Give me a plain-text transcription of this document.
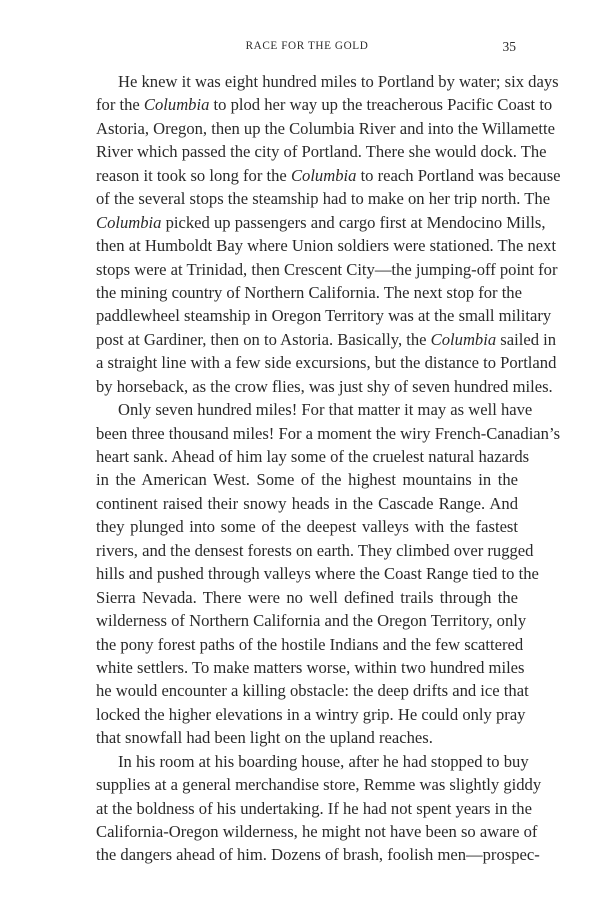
RACE FOR THE GOLD	35
He knew it was eight hundred miles to Portland by water; six days
for the Columbia to plod her way up the treacherous Pacific Coast to
Astoria, Oregon, then up the Columbia River and into the Willamette
River which passed the city of Portland. There she would dock. The
reason it took so long for the Columbia to reach Portland was because
of the several stops the steamship had to make on her trip north. The
Columbia picked up passengers and cargo first at Mendocino Mills,
then at Humboldt Bay where Union soldiers were stationed. The next
stops were at Trinidad, then Crescent City—the jumping-off point for
the mining country of Northern California. The next stop for the
paddlewheel steamship in Oregon Territory was at the small military
post at Gardiner, then on to Astoria. Basically, the Columbia sailed in
a straight line with a few side excursions, but the distance to Portland
by horseback, as the crow flies, was just shy of seven hundred miles.
Only seven hundred miles! For that matter it may as well have
been three thousand miles! For a moment the wiry French-Canadian’s
heart sank. Ahead of him lay some of the cruelest natural hazards
in the American West. Some of the highest mountains in the
continent raised their snowy heads in the Cascade Range. And
they plunged into some of the deepest valleys with the fastest
rivers, and the densest forests on earth. They climbed over rugged
hills and pushed through valleys where the Coast Range tied to the
Sierra Nevada. There were no well defined trails through the
wilderness of Northern California and the Oregon Territory, only
the pony forest paths of the hostile Indians and the few scattered
white settlers. To make matters worse, within two hundred miles
he would encounter a killing obstacle: the deep drifts and ice that
locked the higher elevations in a wintry grip. He could only pray
that snowfall had been light on the upland reaches.
In his room at his boarding house, after he had stopped to buy
supplies at a general merchandise store, Remme was slightly giddy
at the boldness of his undertaking. If he had not spent years in the
California-Oregon wilderness, he might not have been so aware of
the dangers ahead of him. Dozens of brash, foolish men—prospec-
